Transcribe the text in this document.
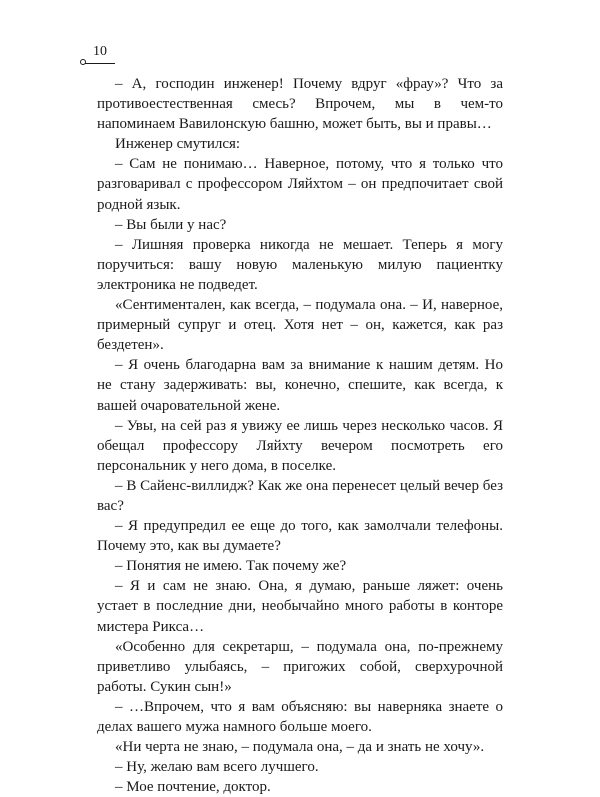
10

– А, господин инженер! Почему вдруг «фрау»? Что за противоестественная смесь? Впрочем, мы в чем-то напоминаем Вавилонскую башню, может быть, вы и правы…

Инженер смутился:

– Сам не понимаю… Наверное, потому, что я только что разговаривал с профессором Ляйхтом – он предпочитает свой родной язык.

– Вы были у нас?

– Лишняя проверка никогда не мешает. Теперь я могу поручиться: вашу новую маленькую милую пациентку электроника не подведет.

«Сентиментален, как всегда, – подумала она. – И, наверное, примерный супруг и отец. Хотя нет – он, кажется, как раз бездетен».

– Я очень благодарна вам за внимание к нашим детям. Но не стану задерживать: вы, конечно, спешите, как всегда, к вашей очаровательной жене.

– Увы, на сей раз я увижу ее лишь через несколько часов. Я обещал профессору Ляйхту вечером посмотреть его персональник у него дома, в поселке.

– В Сайенс-виллидж? Как же она перенесет целый вечер без вас?

– Я предупредил ее еще до того, как замолчали телефоны. Почему это, как вы думаете?

– Понятия не имею. Так почему же?

– Я и сам не знаю. Она, я думаю, раньше ляжет: очень устает в последние дни, необычайно много работы в конторе мистера Рикса…

«Особенно для секретарш, – подумала она, по-прежнему приветливо улыбаясь, – пригожих собой, сверхурочной работы. Сукин сын!»

– …Впрочем, что я вам объясняю: вы наверняка знаете о делах вашего мужа намного больше моего.

«Ни черта не знаю, – подумала она, – да и знать не хочу».

– Ну, желаю вам всего лучшего.

– Мое почтение, доктор.
